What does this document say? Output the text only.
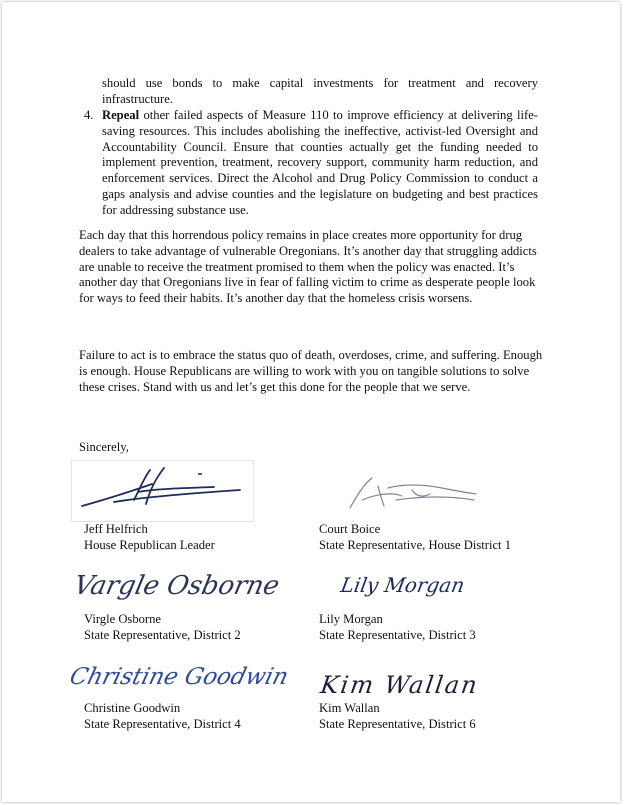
should use bonds to make capital investments for treatment and recovery infrastructure.
4. Repeal other failed aspects of Measure 110 to improve efficiency at delivering life-saving resources. This includes abolishing the ineffective, activist-led Oversight and Accountability Council. Ensure that counties actually get the funding needed to implement prevention, treatment, recovery support, community harm reduction, and enforcement services. Direct the Alcohol and Drug Policy Commission to conduct a gaps analysis and advise counties and the legislature on budgeting and best practices for addressing substance use.
Each day that this horrendous policy remains in place creates more opportunity for drug dealers to take advantage of vulnerable Oregonians. It’s another day that struggling addicts are unable to receive the treatment promised to them when the policy was enacted. It’s another day that Oregonians live in fear of falling victim to crime as desperate people look for ways to feed their habits. It’s another day that the homeless crisis worsens.
Failure to act is to embrace the status quo of death, overdoses, crime, and suffering. Enough is enough. House Republicans are willing to work with you on tangible solutions to solve these crises. Stand with us and let’s get this done for the people that we serve.
Sincerely,
Jeff Helfrich
House Republican Leader
Court Boice
State Representative, House District 1
Vargle Osborne	Lily Morgan
Virgle Osborne
State Representative, District 2
Lily Morgan
State Representative, District 3
Christine Goodwin Kim Wallan
Christine Goodwin
State Representative, District 4
Kim Wallan
State Representative, District 6
